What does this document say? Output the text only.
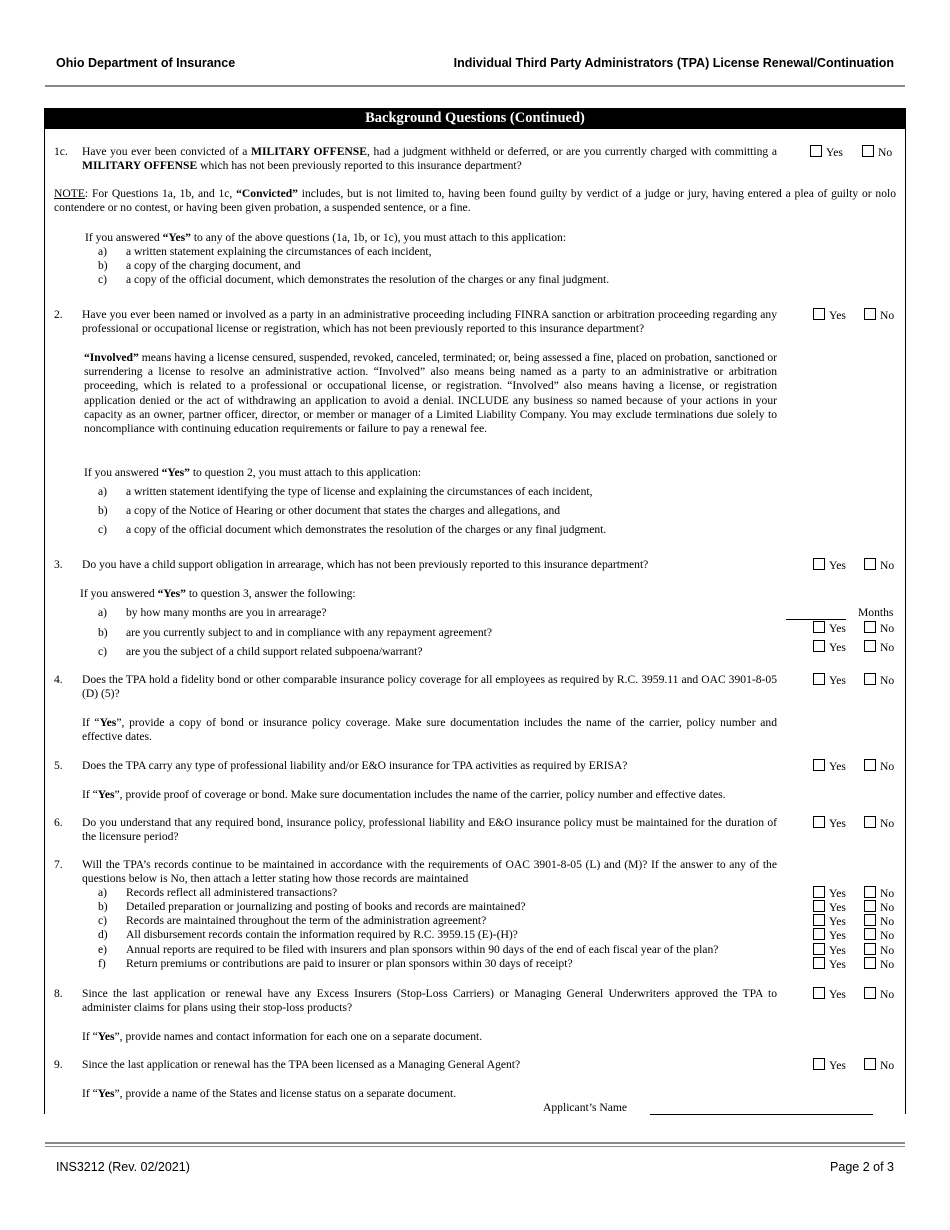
Ohio Department of Insurance	Individual Third Party Administrators (TPA) License Renewal/Continuation
Background Questions (Continued)
1c. Have you ever been convicted of a MILITARY OFFENSE, had a judgment withheld or deferred, or are you currently charged with committing a MILITARY OFFENSE which has not been previously reported to this insurance department?
Yes	No
NOTE: For Questions 1a, 1b, and 1c, “Convicted” includes, but is not limited to, having been found guilty by verdict of a judge or jury, having entered a plea of guilty or nolo contendere or no contest, or having been given probation, a suspended sentence, or a fine.
If you answered “Yes” to any of the above questions (1a, 1b, or 1c), you must attach to this application:
a) a written statement explaining the circumstances of each incident,
b) a copy of the charging document, and
c) a copy of the official document, which demonstrates the resolution of the charges or any final judgment.
2. Have you ever been named or involved as a party in an administrative proceeding including FINRA sanction or arbitration proceeding regarding any professional or occupational license or registration, which has not been previously reported to this insurance department?
Yes	No
“Involved” means having a license censured, suspended, revoked, canceled, terminated; or, being assessed a fine, placed on probation, sanctioned or surrendering a license to resolve an administrative action. “Involved” also means being named as a party to an administrative or arbitration proceeding, which is related to a professional or occupational license, or registration. “Involved” also means having a license, or registration application denied or the act of withdrawing an application to avoid a denial. INCLUDE any business so named because of your actions in your capacity as an owner, partner officer, director, or member or manager of a Limited Liability Company. You may exclude terminations due solely to noncompliance with continuing education requirements or failure to pay a renewal fee.
If you answered “Yes” to question 2, you must attach to this application:
a) a written statement identifying the type of license and explaining the circumstances of each incident,
b) a copy of the Notice of Hearing or other document that states the charges and allegations, and
c) a copy of the official document which demonstrates the resolution of the charges or any final judgment.
3. Do you have a child support obligation in arrearage, which has not been previously reported to this insurance department?	Yes	No
If you answered “Yes” to question 3, answer the following:
a) by how many months are you in arrearage?	Months
b) are you currently subject to and in compliance with any repayment agreement?	Yes	No
c) are you the subject of a child support related subpoena/warrant?	Yes	No
4. Does the TPA hold a fidelity bond or other comparable insurance policy coverage for all employees as required by R.C. 3959.11 and OAC 3901-8-05 (D) (5)?
Yes	No
If “Yes”, provide a copy of bond or insurance policy coverage. Make sure documentation includes the name of the carrier, policy number and effective dates.
5. Does the TPA carry any type of professional liability and/or E&O insurance for TPA activities as required by ERISA?	Yes	No
If “Yes”, provide proof of coverage or bond. Make sure documentation includes the name of the carrier, policy number and effective dates.
6. Do you understand that any required bond, insurance policy, professional liability and E&O insurance policy must be maintained for the duration of the licensure period?
Yes	No
7. Will the TPA’s records continue to be maintained in accordance with the requirements of OAC 3901-8-05 (L) and (M)? If the answer to any of the questions below is No, then attach a letter stating how those records are maintained
a) Records reflect all administered transactions?	Yes	No
b) Detailed preparation or journalizing and posting of books and records are maintained?	Yes	No
c) Records are maintained throughout the term of the administration agreement?	Yes	No
d) All disbursement records contain the information required by R.C. 3959.15 (E)-(H)?	Yes	No
e) Annual reports are required to be filed with insurers and plan sponsors within 90 days of the end of each fiscal year of the plan?	Yes	No
f) Return premiums or contributions are paid to insurer or plan sponsors within 30 days of receipt?	Yes	No
8. Since the last application or renewal have any Excess Insurers (Stop-Loss Carriers) or Managing General Underwriters approved the TPA to administer claims for plans using their stop-loss products?
Yes	No
If “Yes”, provide names and contact information for each one on a separate document.
9. Since the last application or renewal has the TPA been licensed as a Managing General Agent?	Yes	No
If “Yes”, provide a name of the States and license status on a separate document.
Applicant’s Name
INS3212 (Rev. 02/2021)	Page 2 of 3
